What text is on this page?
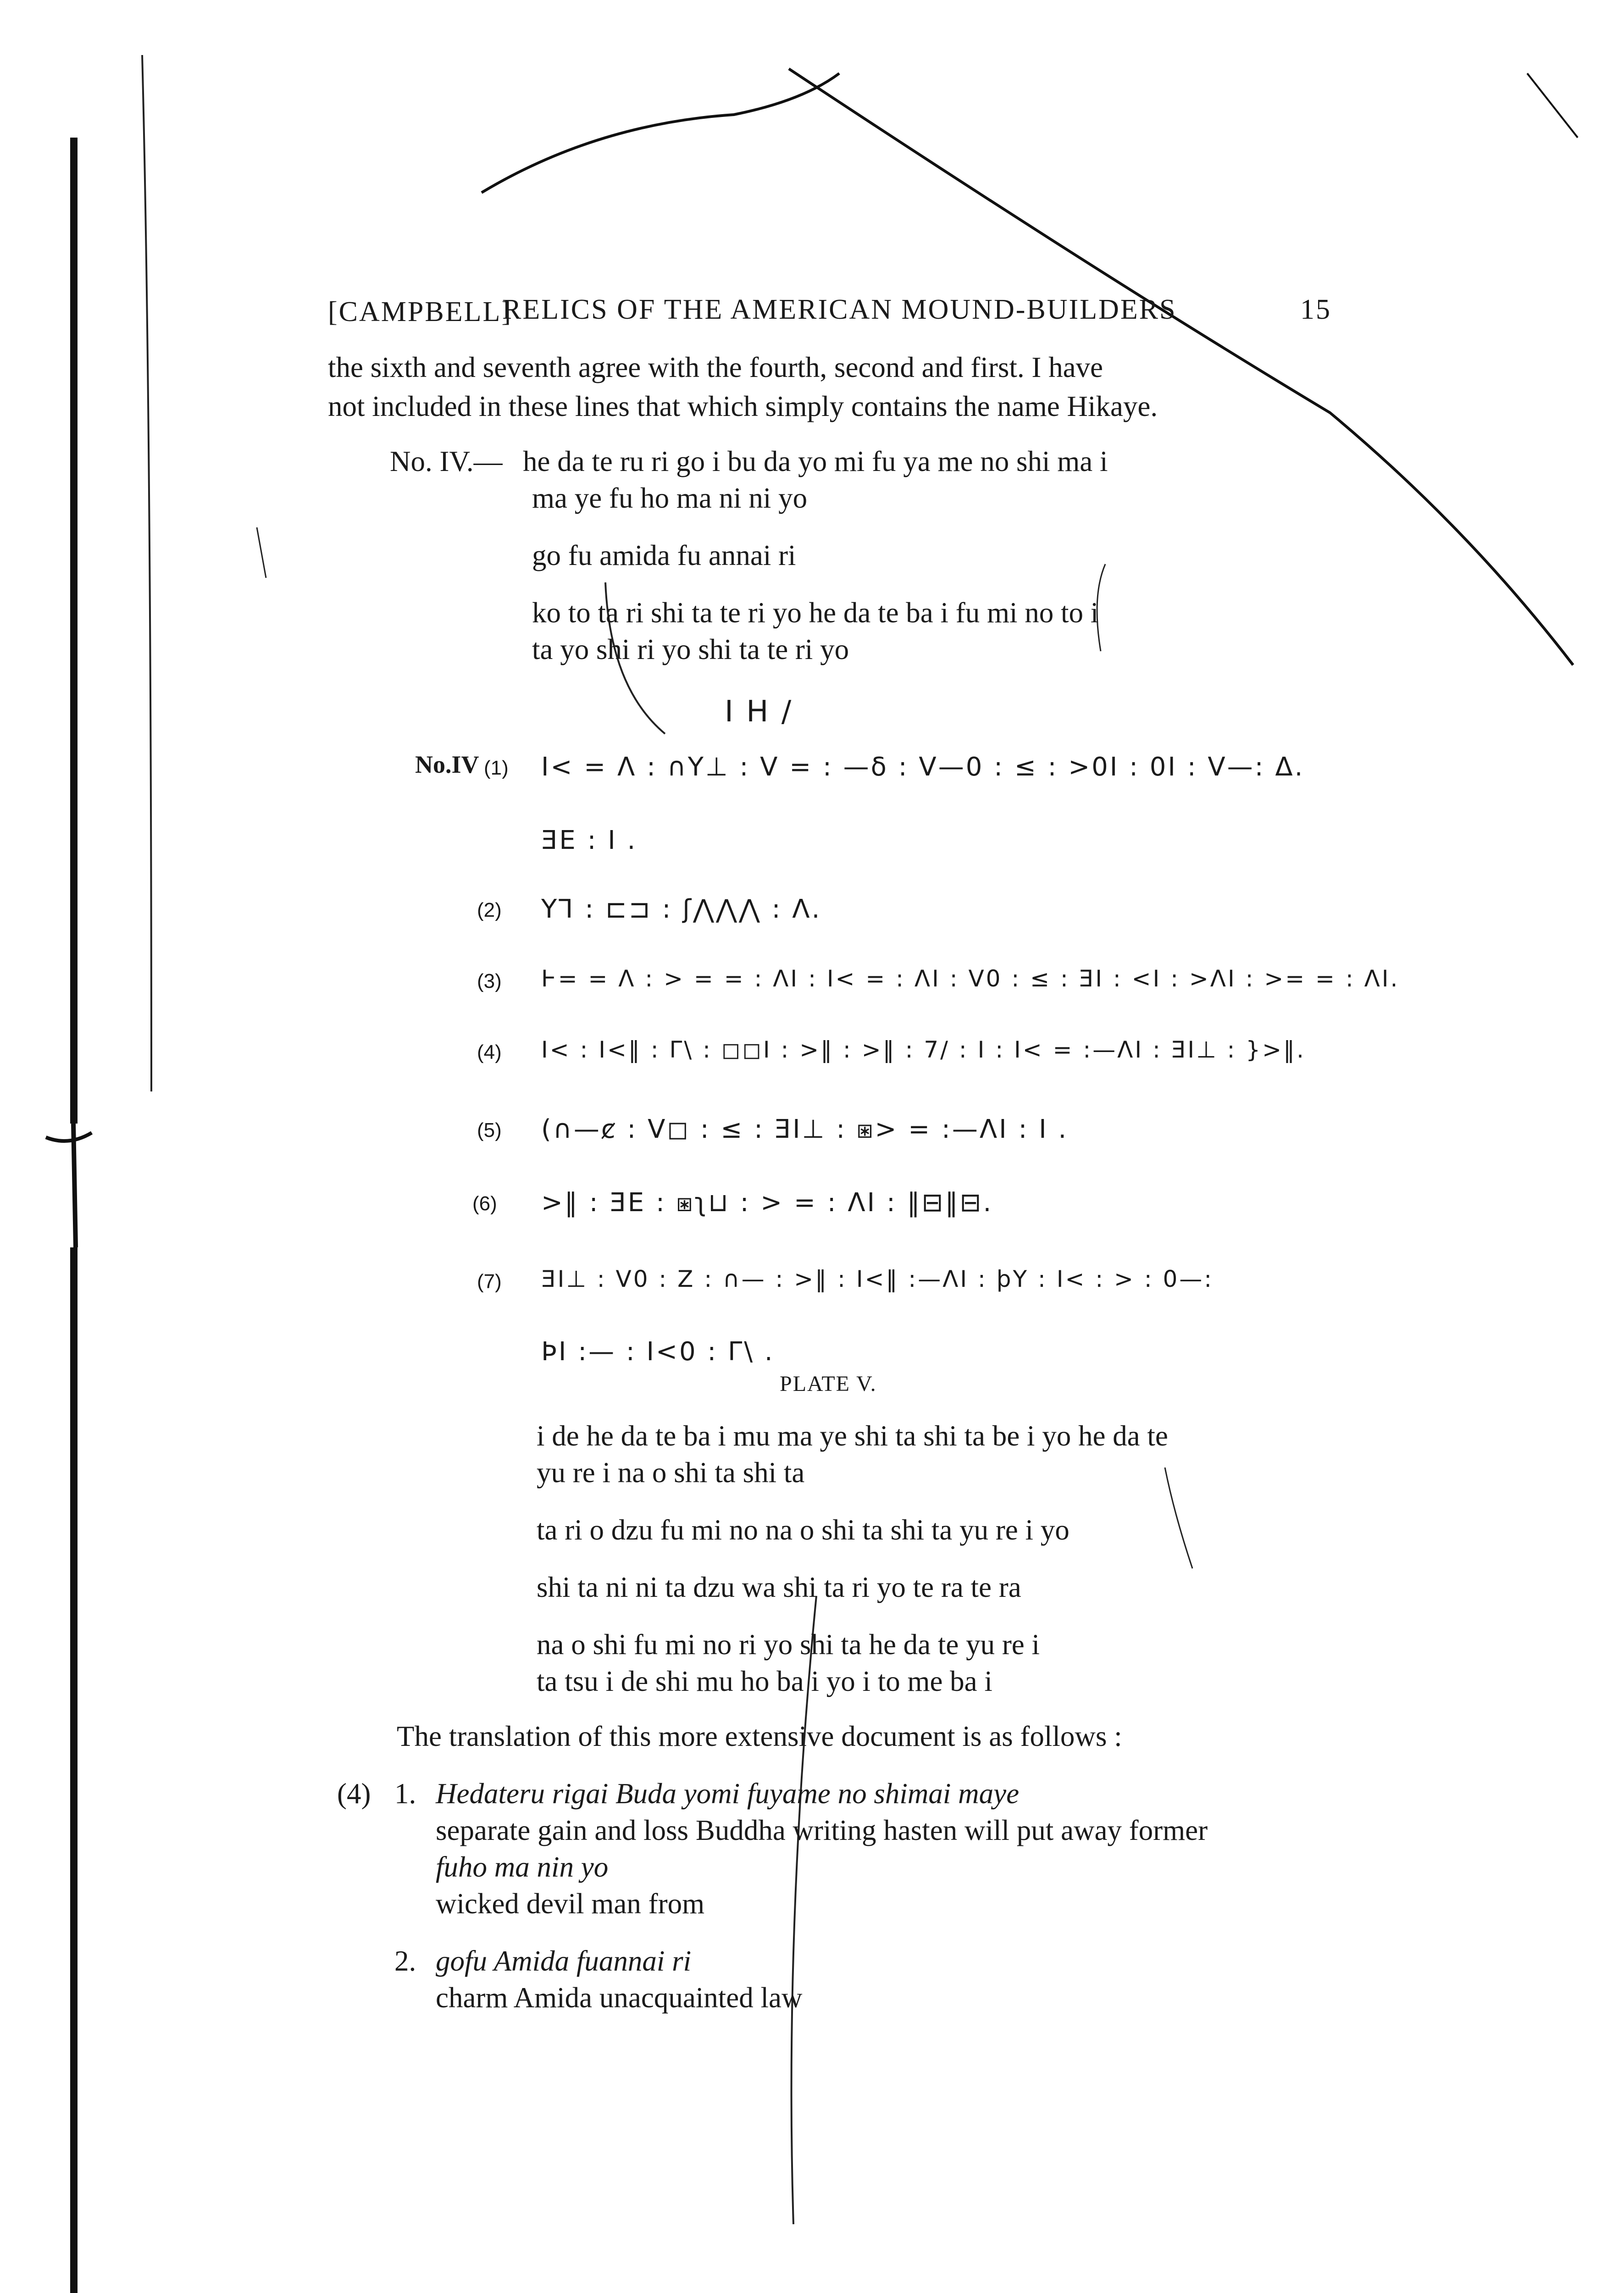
[CAMPBELL]
RELICS OF THE AMERICAN MOUND-BUILDERS	15
the sixth and seventh agree with the fourth, second and first. I have
not included in these lines that which simply contains the name Hikaye.
No. IV.— he da te ru ri go i bu da yo mi fu ya me no shi ma i
ma ye fu ho ma ni ni yo
go fu amida fu annai ri
ko to ta ri shi ta te ri yo he da te ba i fu mi no to i
ta yo shi ri yo shi ta te ri yo
I H /
No.IV (1) I< = Λ : ∩Y⊥ : V = : —δ : V—0 : ≤ : >0I : 0I : V—: Δ.
ƎE : I .
(2) Y⅂ : ⊏⊐ : ʃ⋀⋀⋀ : Λ.
(3) Ͱ= = Λ : > = = : ΛI : I< = : ΛI : V0 : ≤ : ƎI : <I : >ΛI : >= = : ΛI.
(4) I< : I<‖ : Γ\ : ◻◻I : >‖ : >‖ : 7/ : I : I< = :—ΛI : ƎI⊥ : }>‖.
(5) (∩—ȼ : V◻ : ≤ : ƎI⊥ : ⧆> = :—ΛI : I .
(6) >‖ : ƎE : ⧆ʅ⊔ : > = : ΛI : ‖⊟‖⊟.
(7) ƎI⊥ : V0 : Z : ∩— : >‖ : I<‖ :—ΛI : ϸY : I< : > : 0—:
ϷI :— : I<0 : Γ\ .
PLATE V.
i de he da te ba i mu ma ye shi ta shi ta be i yo he da te
yu re i na o shi ta shi ta
ta ri o dzu fu mi no na o shi ta shi ta yu re i yo
shi ta ni ni ta dzu wa shi ta ri yo te ra te ra
na o shi fu mi no ri yo shi ta he da te yu re i
ta tsu i de shi mu ho ba i yo i to me ba i
The translation of this more extensive document is as follows :
(4) 1. Hedateru rigai Buda yomi fuyame no shimai maye
separate gain and loss Buddha writing hasten will put away former
fuho ma nin yo
wicked devil man from
2. gofu Amida fuannai ri
charm Amida unacquainted law
